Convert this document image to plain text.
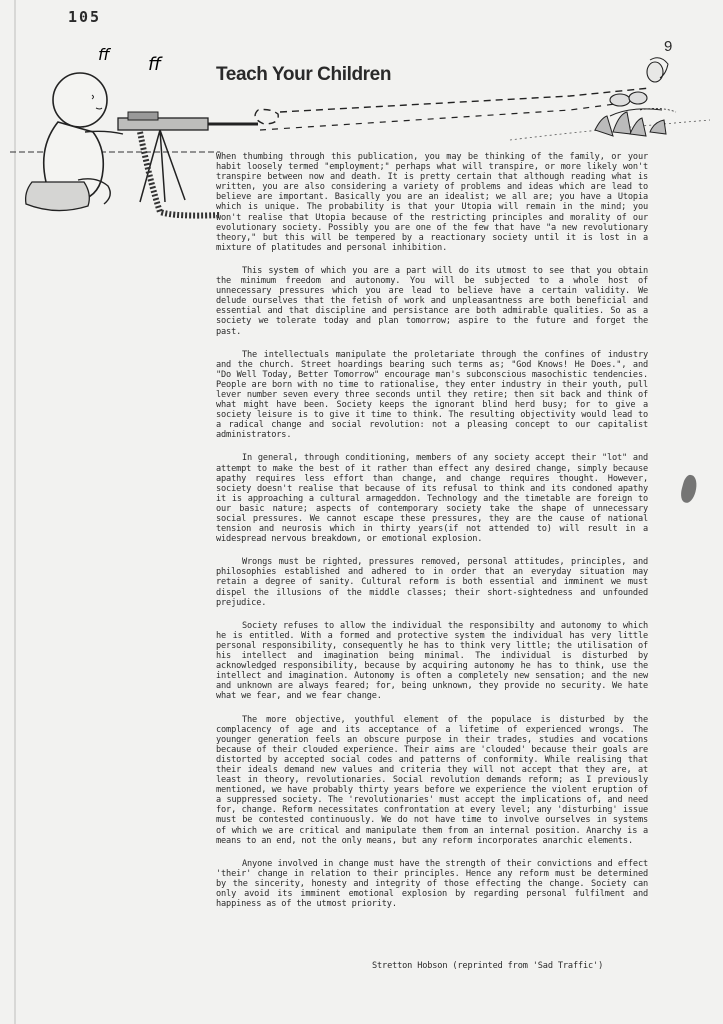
105
9
ff ff	Teach Your Children

When thumbing through this publication, you may be thinking of the family, or your habit loosely termed "employment;" perhaps what will transpire, or more likely won't transpire between now and death. It is pretty certain that although reading what is written, you are also considering a variety of problems and ideas which are lead to believe are important. Basically you are an idealist; we all are; you have a Utopia which is unique. The probability is that your Utopia will remain in the mind; you won't realise that Utopia because of the restricting principles and morality of our evolutionary society. Possibly you are one of the few that have "a new revolutionary theory," but this will be tempered by a reactionary society until it is lost in a mixture of platitudes and personal inhibition.

This system of which you are a part will do its utmost to see that you obtain the minimum freedom and autonomy. You will be subjected to a whole host of unnecessary pressures which you are lead to believe have a certain validity. We delude ourselves that the fetish of work and unpleasantness are both beneficial and essential and that discipline and persistance are both admirable qualities. So as a society we tolerate today and plan tomorrow; aspire to the future and forget the past.

The intellectuals manipulate the proletariate through the confines of industry and the church. Street hoardings bearing such terms as; "God Knows! He Does.", and "Do Well Today, Better Tomorrow" encourage man's subconscious masochistic tendencies. People are born with no time to rationalise, they enter industry in their youth, pull lever number seven every three seconds until they retire; then sit back and think of what might have been. Society keeps the ignorant blind herd busy; for to give a society leisure is to give it time to think. The resulting objectivity would lead to a radical change and social revolution: not a pleasing concept to our capitalist administrators.

In general, through conditioning, members of any society accept their "lot" and attempt to make the best of it rather than effect any desired change, simply because apathy requires less effort than change, and change requires thought. However, society doesn't realise that because of its refusal to think and its condoned apathy it is approaching a cultural armageddon. Technology and the timetable are foreign to our basic nature; aspects of contemporary society take the shape of unnecessary social pressures. We cannot escape these pressures, they are the cause of national tension and neurosis which in thirty years(if not attended to) will result in a widespread nervous breakdown, or emotional explosion.

Wrongs must be righted, pressures removed, personal attitudes, principles, and philosophies established and adhered to in order that an everyday situation may retain a degree of sanity. Cultural reform is both essential and imminent we must dispel the illusions of the middle classes; their short-sightedness and unfounded prejudice.

Society refuses to allow the individual the responsibilty and autonomy to which he is entitled. With a formed and protective system the individual has very little personal responsibility, consequently he has to think very little; the utilisation of his intellect and imagination being minimal. The individual is disturbed by acknowledged responsibility, because by acquiring autonomy he has to think, use the intellect and imagination. Autonomy is often a completely new sensation; and the new and unknown are always feared; for, being unknown, they provide no security. We hate what we fear, and we fear change.

The more objective, youthful element of the populace is disturbed by the complacency of age and its acceptance of a lifetime of experienced wrongs. The younger generation feels an obscure purpose in their trades, studies and vocations because of their clouded experience. Their aims are 'clouded' because their goals are distorted by accepted social codes and patterns of conformity. While realising that their ideals demand new values and criteria they will not accept that they are, at least in theory, revolutionaries. Social revolution demands reform; as I previously mentioned, we have probably thirty years before we experience the violent eruption of a suppressed society. The 'revolutionaries' must accept the implications of, and need for, change. Reform necessitates confrontation at every level; any 'disturbing' issue must be contested continuously. We do not have time to involve ourselves in systems of which we are critical and manipulate them from an internal position. Anarchy is a means to an end, not the only means, but any reform incorporates anarchic elements.

Anyone involved in change must have the strength of their convictions and effect 'their' change in relation to their principles. Hence any reform must be determined by the sincerity, honesty and integrity of those effecting the change. Society can only avoid its imminent emotional explosion by regarding personal fulfilment and happiness as of the utmost priority.

Stretton Hobson (reprinted from 'Sad Traffic')
